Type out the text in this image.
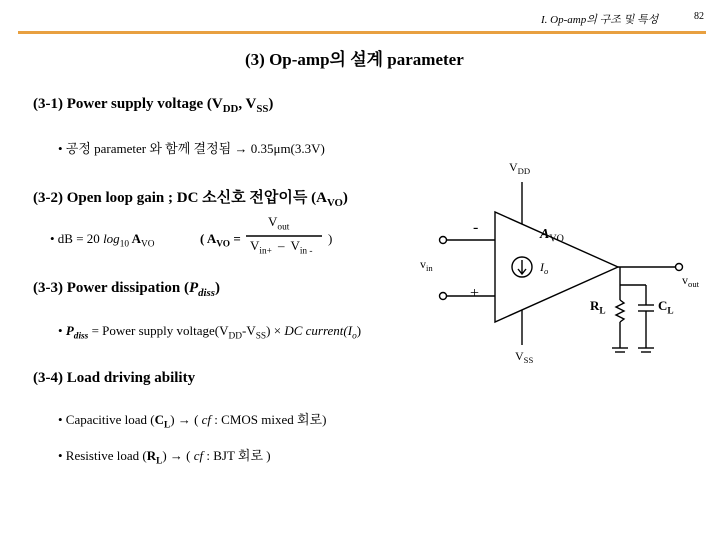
I. Op-amp의 구조 및 특성	82
(3) Op-amp의 설계 parameter
(3-1) Power supply voltage ($V_{DD}$, $V_{SS}$)
• 공정 parameter 와 함께 결정됨 → 0.35μm(3.3V)
(3-2) Open loop gain ; DC 소신호 전압이득 $(A_{VO})$
• dB = 20 $\log_{10} A_{VO}$	( $A_{VO}$ =
$V_{out}$
$V_{in+} - V_{in -}$
)
(3-3) Power dissipation $(P_{diss})$
• $P_{diss}$ = Power supply $voltage(V_{DD}-V_{SS})$ × DC $current(I_o)$
(3-4) Load driving ability
• Capacitive load $(C_L)$ → ( cf : CMOS mixed 회로)
• Resistive load $(R_L)$ → ( cf : BJT 회로 )
$V_{DD}$
$V_{SS}$
-
+
$A_{VO}$
$v_{in}$	$I_o$
$v_{out}$
$R_L$	$C_L$
